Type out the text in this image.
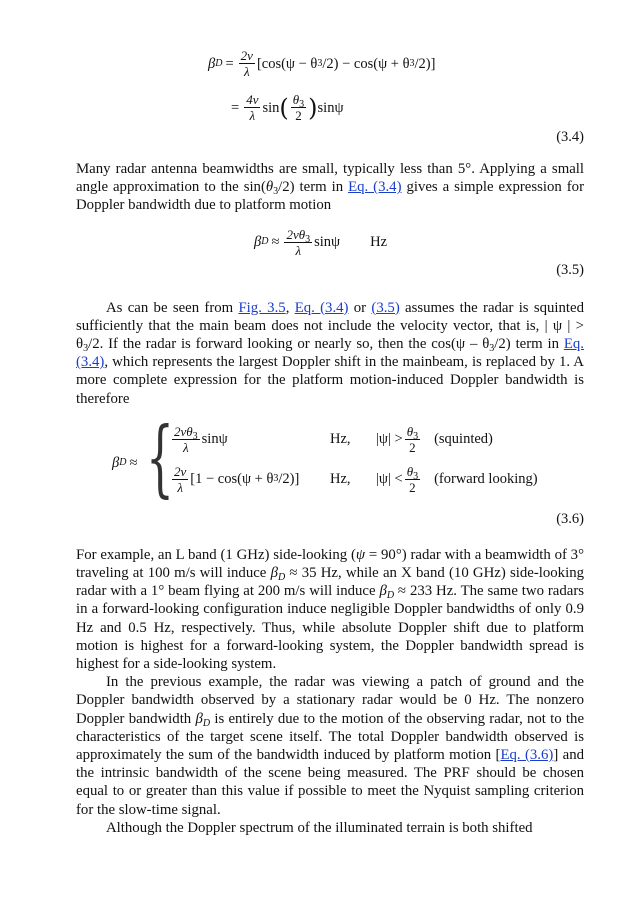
β $D = \frac{2v}{\lambda} [\cos(\psi - \theta$ 3 /2) − cos(ψ + θ 3 /2)]
= $\frac{4v}{\lambda}$ sin ( $\frac{\theta_3}{2}$ ) sinψ
(3.4)

Many radar antenna beamwidths are small, typically less than 5°. Applying a small angle approximation to the $\sin(\theta_3/2)$ term in Eq. (3.4) gives a simple expression for Doppler bandwidth due to platform motion

β $D \approx \frac{2v\theta_3}{\lambda}$ sinψ Hz
(3.5)

As can be seen from Fig. 3.5, Eq. (3.4) or (3.5) assumes the radar is squinted sufficiently that the main beam does not include the velocity vector, that is, | ψ | > $\theta_3/2$. If the radar is forward looking or nearly so, then the $\cos(\psi - \theta_3/2)$ term in Eq. (3.4), which represents the largest Doppler shift in the mainbeam, is replaced by 1. A more complete expression for the platform motion-induced Doppler bandwidth is therefore

β D ≈ {
$\frac{2v\theta_3}{\lambda}$ sinψ	Hz, $|\psi| > \frac{\theta_3}{2}$ (squinted)
$\frac{2v}{\lambda} [1 - \cos(\psi + \theta$ 3 /2)] Hz, $|\psi| < \frac{\theta_3}{2}$ (forward looking)
(3.6)

For example, an L band (1 GHz) side-looking (ψ = 90°) radar with a beamwidth of 3° traveling at 100 m/s will induce $\beta_D \approx 35$ Hz, while an X band (10 GHz) side-looking radar with a 1° beam flying at 200 m/s will induce $\beta_D \approx 233$ Hz. The same two radars in a forward-looking configuration induce negligible Doppler bandwidths of only 0.9 Hz and 0.5 Hz, respectively. Thus, while absolute Doppler shift due to platform motion is highest for a forward-looking system, the Doppler bandwidth spread is highest for a side-looking system.

In the previous example, the radar was viewing a patch of ground and the Doppler bandwidth observed by a stationary radar would be 0 Hz. The nonzero Doppler bandwidth $\beta_D$ is entirely due to the motion of the observing radar, not to the characteristics of the target scene itself. The total Doppler bandwidth observed is approximately the sum of the bandwidth induced by platform motion [Eq. (3.6)] and the intrinsic bandwidth of the scene being measured. The PRF should be chosen equal to or greater than this value if possible to meet the Nyquist sampling criterion for the slow-time signal.

Although the Doppler spectrum of the illuminated terrain is both shifted
